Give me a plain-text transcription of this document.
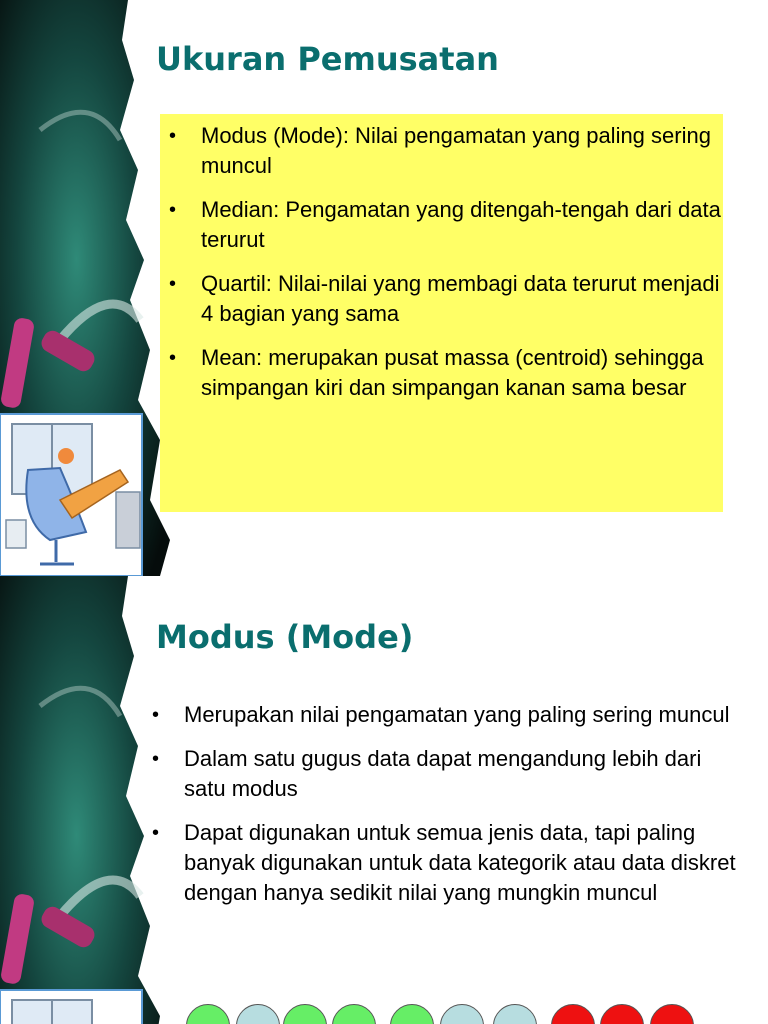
Ukuran Pemusatan
• Modus (Mode): Nilai pengamatan yang paling sering muncul
• Median: Pengamatan yang ditengah-tengah dari data terurut
• Quartil: Nilai-nilai yang membagi data terurut menjadi 4 bagian yang sama
• Mean: merupakan pusat massa (centroid) sehingga simpangan kiri dan simpangan kanan sama besar
Modus (Mode)
• Merupakan nilai pengamatan yang paling sering muncul
• Dalam satu gugus data dapat mengandung lebih dari satu modus
• Dapat digunakan untuk semua jenis data, tapi paling banyak digunakan untuk data kategorik atau data diskret dengan hanya sedikit nilai yang mungkin muncul
